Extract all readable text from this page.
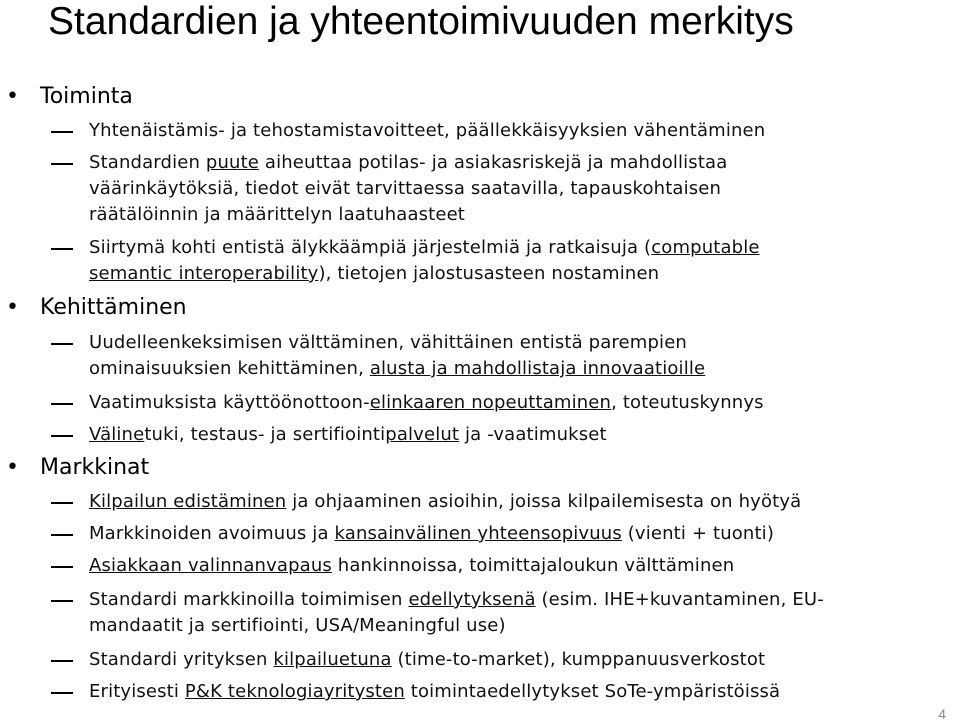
Standardien ja yhteentoimivuuden merkitys
• Toiminta
Yhtenäistämis- ja tehostamistavoitteet, päällekkäisyyksien vähentäminen
Standardien puute aiheuttaa potilas- ja asiakasriskejä ja mahdollistaa
väärinkäytöksiä, tiedot eivät tarvittaessa saatavilla, tapauskohtaisen
räätälöinnin ja määrittelyn laatuhaasteet
Siirtymä kohti entistä älykkäämpiä järjestelmiä ja ratkaisuja (computable
semantic interoperability), tietojen jalostusasteen nostaminen
• Kehittäminen
Uudelleenkeksimisen välttäminen, vähittäinen entistä parempien
ominaisuuksien kehittäminen, alusta ja mahdollistaja innovaatioille
Vaatimuksista käyttöönottoon-elinkaaren nopeuttaminen, toteutuskynnys
Välinetuki, testaus- ja sertifiointipalvelut ja -vaatimukset
• Markkinat
Kilpailun edistäminen ja ohjaaminen asioihin, joissa kilpailemisesta on hyötyä
Markkinoiden avoimuus ja kansainvälinen yhteensopivuus (vienti + tuonti)
Asiakkaan valinnanvapaus hankinnoissa, toimittajaloukun välttäminen
Standardi markkinoilla toimimisen edellytyksenä (esim. IHE+kuvantaminen, EU-
mandaatit ja sertifiointi, USA/Meaningful use)
Standardi yrityksen kilpailuetuna (time-to-market), kumppanuusverkostot
Erityisesti P&K teknologiayritysten toimintaedellytykset SoTe-ympäristöissä
4
